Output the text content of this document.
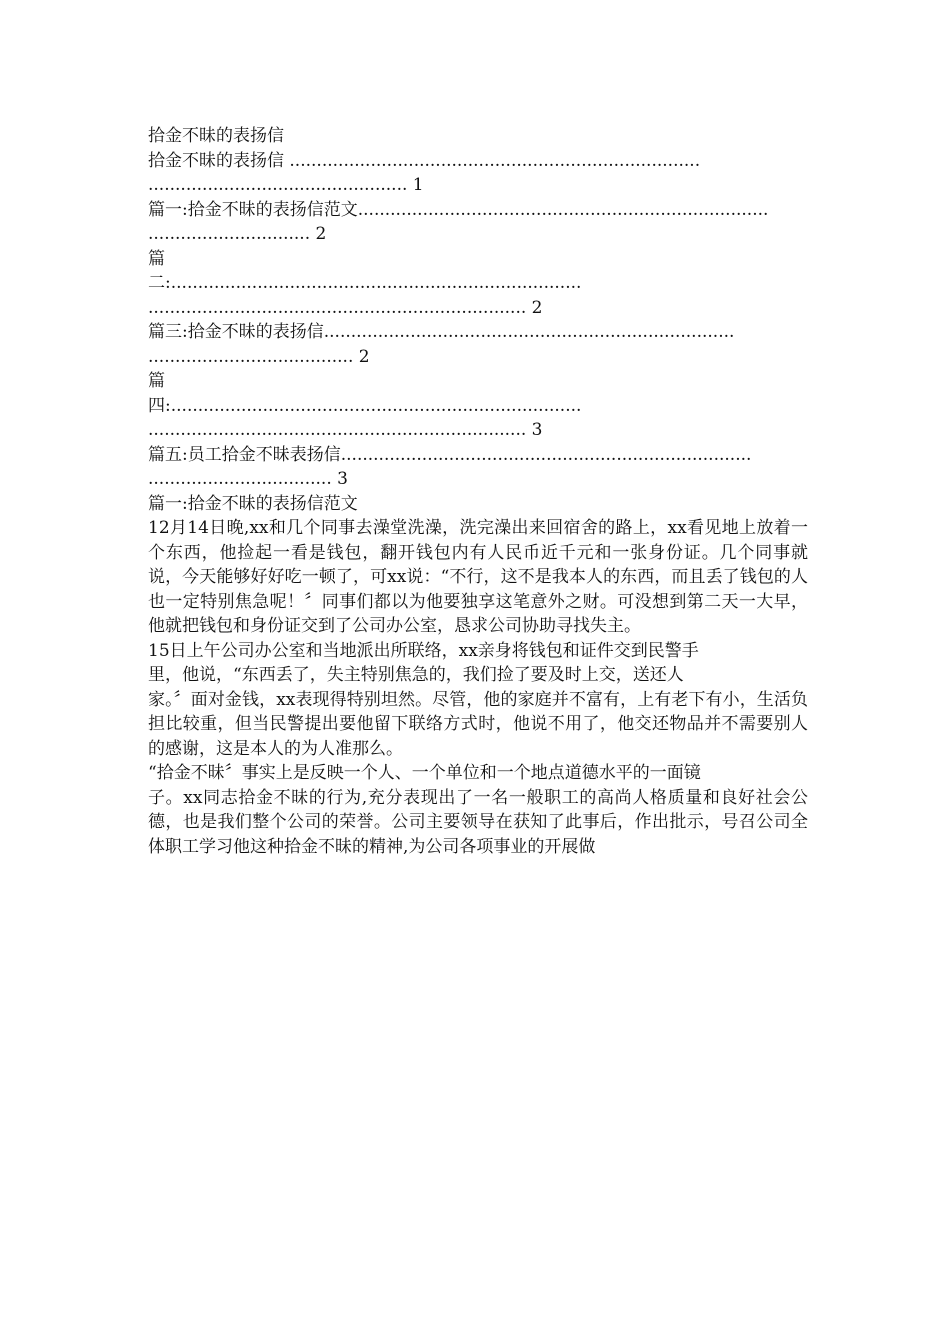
拾金不昧的表扬信
拾金不昧的表扬信 ............................................................................
................................................ 1
篇一:拾金不昧的表扬信范文............................................................................
.............................. 2
篇
二:............................................................................
...................................................................... 2
篇三:拾金不昧的表扬信............................................................................
...................................... 2
篇
四:............................................................................
...................................................................... 3
篇五:员工拾金不昧表扬信............................................................................
.................................. 3
篇一:拾金不昧的表扬信范文
12月14日晚,xx和几个同事去澡堂洗澡，洗完澡出来回宿舍的路上，xx看见地上放着一个东西，他捡起一看是钱包，翻开钱包内有人民币近千元和一张身份证。几个同事就说，今天能够好好吃一顿了，可xx说：“不行，这不是我本人的东西，而且丢了钱包的人也一定特别焦急呢！〞同事们都以为他要独享这笔意外之财。可没想到第二天一大早，他就把钱包和身份证交到了公司办公室，恳求公司协助寻找失主。
15日上午公司办公室和当地派出所联络，xx亲身将钱包和证件交到民警手
里，他说，“东西丢了，失主特别焦急的，我们捡了要及时上交，送还人
家。〞面对金钱，xx表现得特别坦然。尽管，他的家庭并不富有，上有老下有小，生活负担比较重，但当民警提出要他留下联络方式时，他说不用了，他交还物品并不需要别人的感谢，这是本人的为人准那么。
“拾金不昧〞事实上是反映一个人、一个单位和一个地点道德水平的一面镜
子。xx同志拾金不昧的行为,充分表现出了一名一般职工的高尚人格质量和良好社会公德，也是我们整个公司的荣誉。公司主要领导在获知了此事后，作出批示，号召公司全体职工学习他这种拾金不昧的精神,为公司各项事业的开展做
